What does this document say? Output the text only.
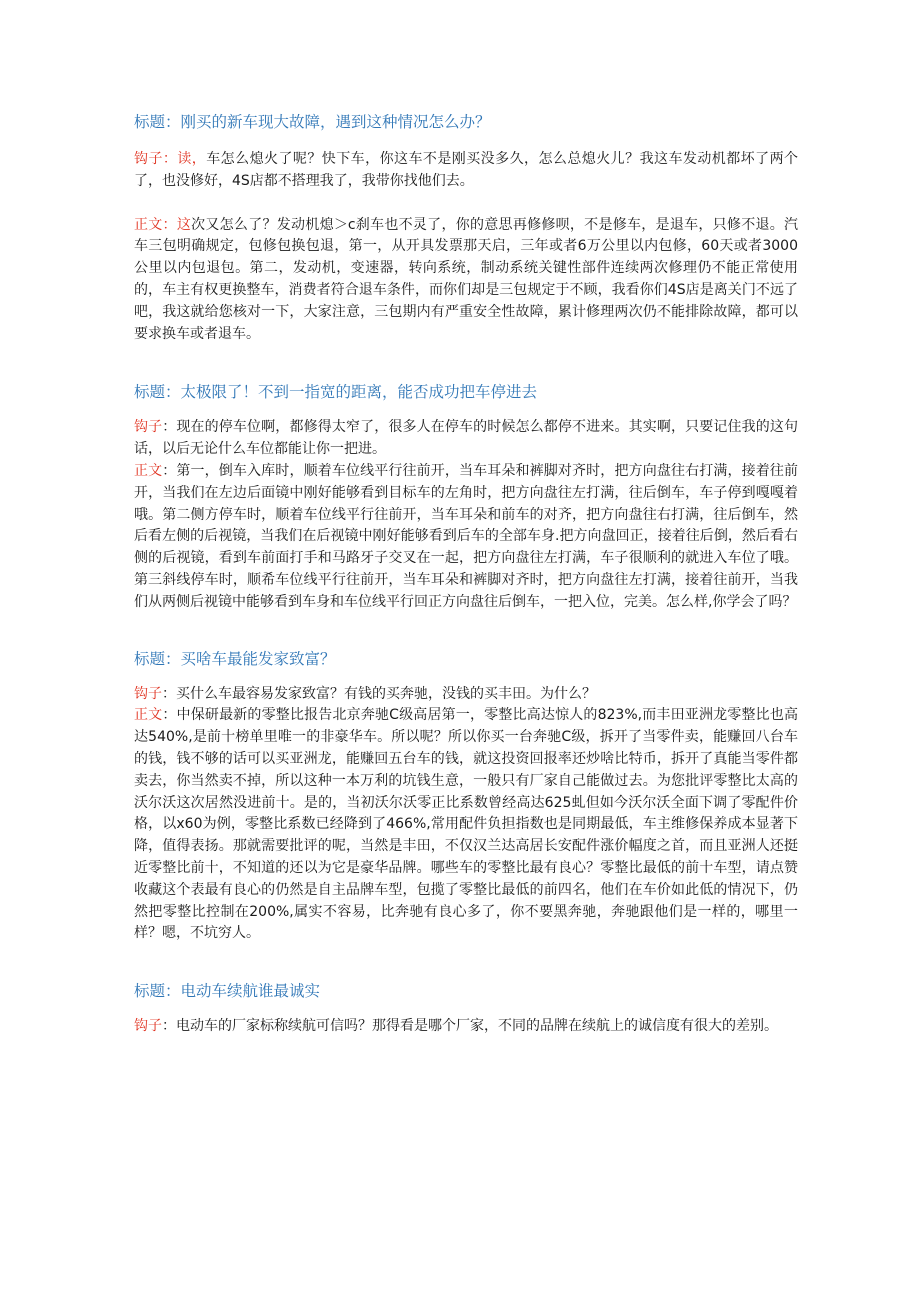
标题：刚买的新车现大故障，遇到这种情况怎么办？

钩子：读，车怎么熄火了呢？快下车，你这车不是刚买没多久，怎么总熄火儿？我这车发动机都坏了两个了，也没修好，4S店都不搭理我了，我带你找他们去。

正文：这次又怎么了？发动机熄＞c刹车也不灵了，你的意思再修修呗，不是修车，是退车，只修不退。汽车三包明确规定，包修包换包退，第一，从开具发票那天启，三年或者6万公里以内包修，60天或者3000公里以内包退包。第二，发动机，变速器，转向系统，制动系统关键性部件连续两次修理仍不能正常使用的，车主有权更换整车，消费者符合退车条件，而你们却是三包规定于不顾，我看你们4S店是离关门不远了吧，我这就给您核对一下，大家注意，三包期内有严重安全性故障，累计修理两次仍不能排除故障，都可以要求换车或者退车。

标题：太极限了！不到一指宽的距离，能否成功把车停进去

钩子：现在的停车位啊，都修得太窄了，很多人在停车的时候怎么都停不进来。其实啊，只要记住我的这句话，以后无论什么车位都能让你一把进。

正文：第一，倒车入库时，顺着车位线平行往前开，当车耳朵和裤脚对齐时，把方向盘往右打满，接着往前开，当我们在左边后面镜中刚好能够看到目标车的左角时，把方向盘往左打满，往后倒车，车子停到嘎嘎着哦。第二侧方停车时，顺着车位线平行往前开，当车耳朵和前车的对齐，把方向盘往右打满，往后倒车，然后看左侧的后视镜，当我们在后视镜中刚好能够看到后车的全部车身.把方向盘回正，接着往后倒，然后看右侧的后视镜，看到车前面打手和马路牙子交叉在一起，把方向盘往左打满，车子很顺利的就进入车位了哦。第三斜线停车时，顺希车位线平行往前开，当车耳朵和裤脚对齐时，把方向盘往左打满，接着往前开，当我们从两侧后视镜中能够看到车身和车位线平行回正方向盘往后倒车，一把入位，完美。怎么样,你学会了吗？

标题：买啥车最能发家致富？

钩子：买什么车最容易发家致富？有钱的买奔驰，没钱的买丰田。为什么？

正文：中保研最新的零整比报告北京奔驰C级高居第一，零整比高达惊人的823%,而丰田亚洲龙零整比也高达540%,是前十榜单里唯一的非豪华车。所以呢？所以你买一台奔驰C级，拆开了当零件卖，能赚回八台车的钱，钱不够的话可以买亚洲龙，能赚回五台车的钱，就这投资回报率还炒啥比特币，拆开了真能当零件都卖去，你当然卖不掉，所以这种一本万利的坑钱生意，一般只有厂家自己能做过去。为您批评零整比太高的沃尔沃这次居然没进前十。是的，当初沃尔沃零正比系数曾经高达625虬但如今沃尔沃全面下调了零配件价格，以x60为例，零整比系数已经降到了466%,常用配件负担指数也是同期最低，车主维修保养成本显著下降，值得表扬。那就需要批评的呢，当然是丰田，不仅汉兰达高居长安配件涨价幅度之首，而且亚洲人还挺近零整比前十，不知道的还以为它是豪华品牌。哪些车的零整比最有良心？零整比最低的前十车型，请点赞收藏这个表最有良心的仍然是自主品牌车型，包揽了零整比最低的前四名，他们在车价如此低的情况下，仍然把零整比控制在200%,属实不容易，比奔驰有良心多了，你不要黑奔驰，奔驰跟他们是一样的，哪里一样？嗯，不坑穷人。

标题：电动车续航谁最诚实

钩子：电动车的厂家标称续航可信吗？那得看是哪个厂家，不同的品牌在续航上的诚信度有很大的差别。
